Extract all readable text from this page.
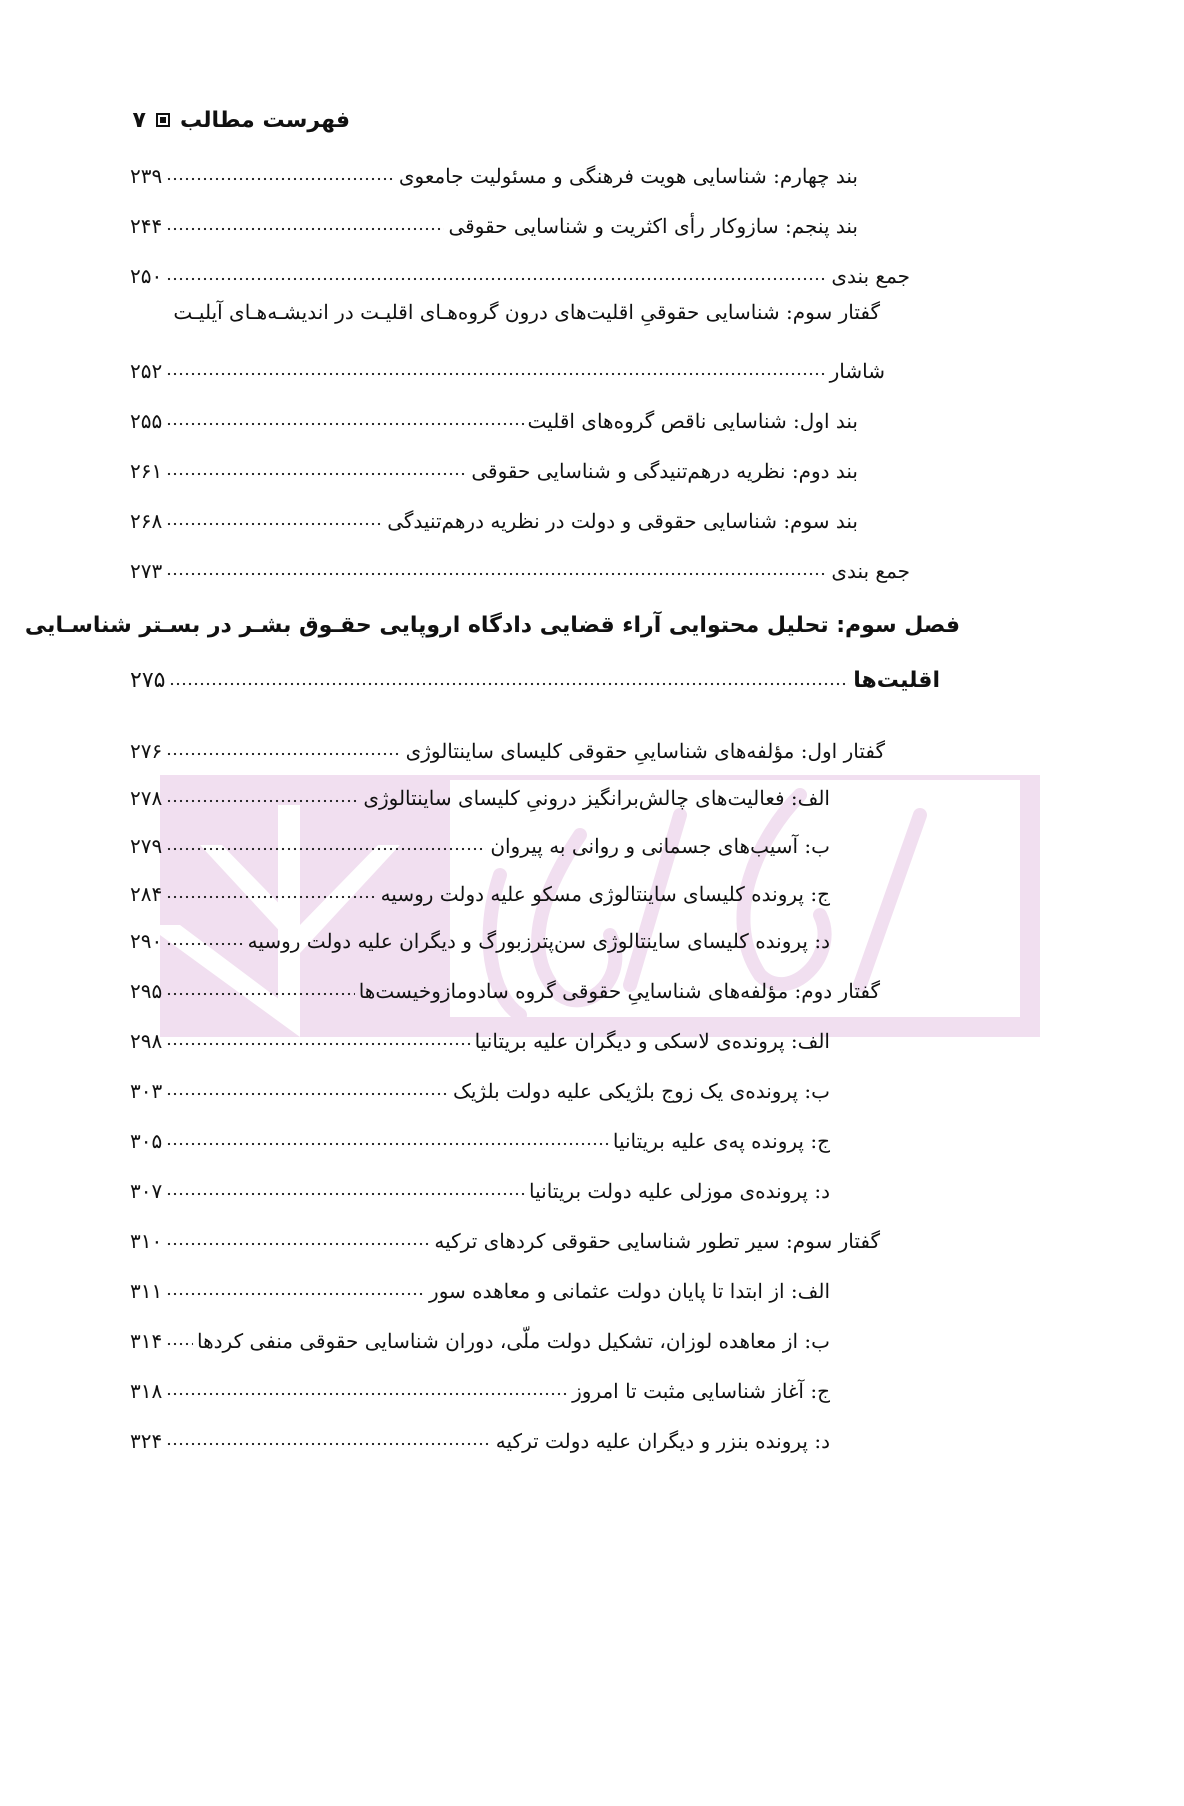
فهرست مطالب
۷
بند چهارم: شناسایی هویت فرهنگی و مسئولیت جامعوی
۲۳۹
بند پنجم: سازوکار رأی اکثریت و شناسایی حقوقی
۲۴۴
جمع بندی
۲۵۰
گفتار سوم: شناسایی حقوقیِ اقلیت‌های درون گروه‌هـای اقلیـت در اندیشـه‌هـای آیلیـت
شاشار
۲۵۲
بند اول: شناسایی ناقص گروه‌های اقلیت
۲۵۵
بند دوم: نظریه درهم‌تنیدگی و شناسایی حقوقی
۲۶۱
بند سوم: شناسایی حقوقی و دولت در نظریه درهم‌تنیدگی
۲۶۸
جمع بندی
۲۷۳
فصل سوم: تحلیل محتوایی آراء قضایی دادگاه اروپایی حقـوق بشـر در بسـتر شناسـایی
اقلیت‌ها
۲۷۵
گفتار اول: مؤلفه‌های شناساییِ حقوقی کلیسای ساینتالوژی
۲۷۶
الف: فعالیت‌های چالش‌برانگیز درونیِ کلیسای ساینتالوژی
۲۷۸
ب: آسیب‌های جسمانی و روانی به پیروان
۲۷۹
ج: پرونده کلیسای ساینتالوژی مسکو علیه دولت روسیه
۲۸۴
د: پرونده کلیسای ساینتالوژی سن‌پترزبورگ و دیگران علیه دولت روسیه
۲۹۰
گفتار دوم: مؤلفه‌های شناساییِ حقوقی گروه سادومازوخیست‌ها
۲۹۵
الف: پرونده‌ی لاسکی و دیگران علیه بریتانیا
۲۹۸
ب: پرونده‌ی یک زوج بلژیکی علیه دولت بلژیک
۳۰۳
ج: پرونده په‌ی علیه بریتانیا
۳۰۵
د: پرونده‌ی موزلی علیه دولت بریتانیا
۳۰۷
گفتار سوم: سیر تطور شناسایی حقوقی کردهای ترکیه
۳۱۰
الف: از ابتدا تا پایان دولت عثمانی و معاهده سور
۳۱۱
ب: از معاهده لوزان، تشکیل دولت ملّی، دوران شناسایی حقوقی منفی کردها
۳۱۴
ج: آغاز شناسایی مثبت تا امروز
۳۱۸
د: پرونده بنزر و دیگران علیه دولت ترکیه
۳۲۴
